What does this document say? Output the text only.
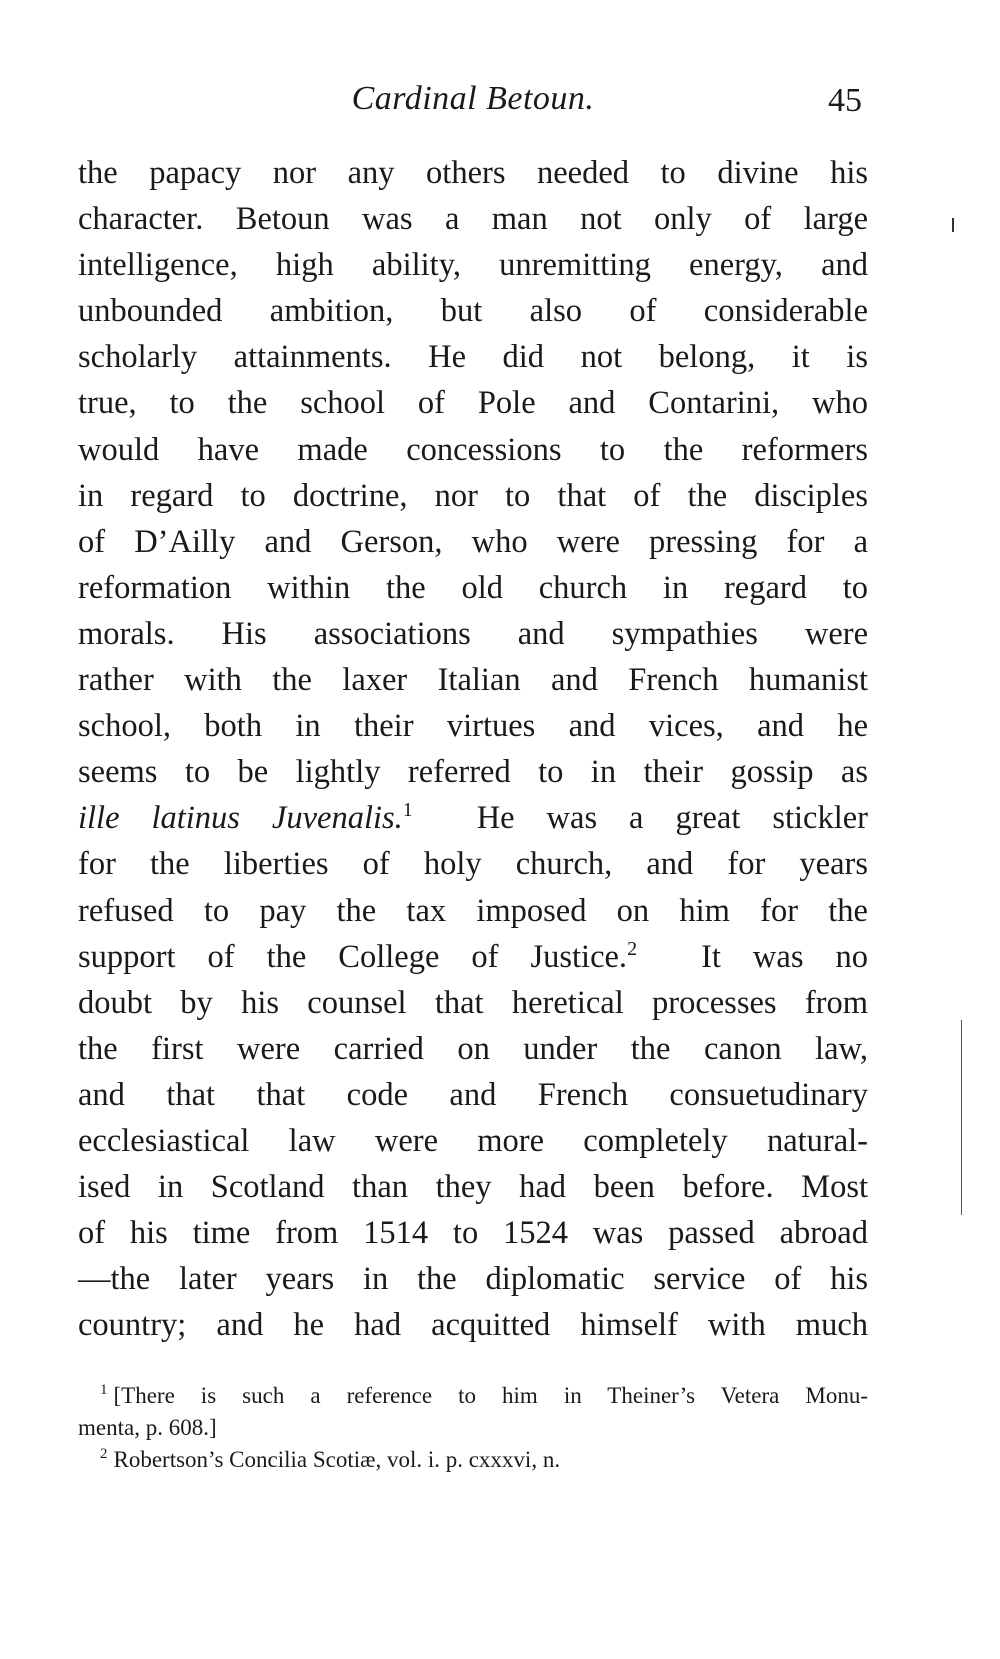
Cardinal Betoun.	45
the papacy nor any others needed to divine his
character. Betoun was a man not only of large
intelligence, high ability, unremitting energy, and
unbounded ambition, but also of considerable
scholarly attainments. He did not belong, it is
true, to the school of Pole and Contarini, who
would have made concessions to the reformers
in regard to doctrine, nor to that of the disciples
of D’Ailly and Gerson, who were pressing for a
reformation within the old church in regard to
morals. His associations and sympathies were
rather with the laxer Italian and French humanist
school, both in their virtues and vices, and he
seems to be lightly referred to in their gossip as
ille latinus Juvenalis.$^1$ He was a great stickler
for the liberties of holy church, and for years
refused to pay the tax imposed on him for the
support of the College of Justice.$^2$ It was no
doubt by his counsel that heretical processes from
the first were carried on under the canon law,
and that that code and French consuetudinary
ecclesiastical law were more completely natural-
ised in Scotland than they had been before. Most
of his time from 1514 to 1524 was passed abroad
—the later years in the diplomatic service of his
country; and he had acquitted himself with much
$^1$ [There is such a reference to him in Theiner’s Vetera Monu-
menta, p. 608.]
$^2$ Robertson’s Concilia Scotiæ, vol. i. p. cxxxvi, n.
